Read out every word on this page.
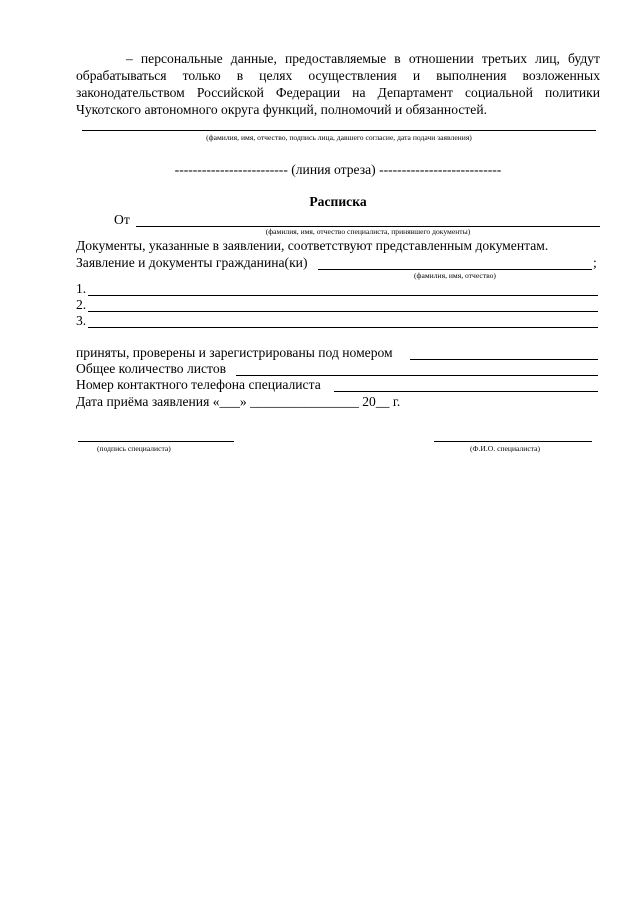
– персональные данные, предоставляемые в отношении третьих лиц, будут обрабатываться только в целях осуществления и выполнения возложенных законодательством Российской Федерации на Департамент социальной политики Чукотского автономного округа функций, полномочий и обязанностей.
(фамилия, имя, отчество, подпись лица, давшего согласие, дата подачи заявления)
------------------------- (линия отреза) ---------------------------
Расписка
От
(фамилия, имя, отчество специалиста, принявшего документы)
Документы, указанные в заявлении, соответствуют представленным документам.
Заявление и документы гражданина(ки)	;
(фамилия, имя, отчество)
1.
2.
3.
приняты, проверены и зарегистрированы под номером
Общее количество листов
Номер контактного телефона специалиста
Дата приёма заявления «___» ________________ 20__ г.
(подпись специалиста)	(Ф.И.О. специалиста)
